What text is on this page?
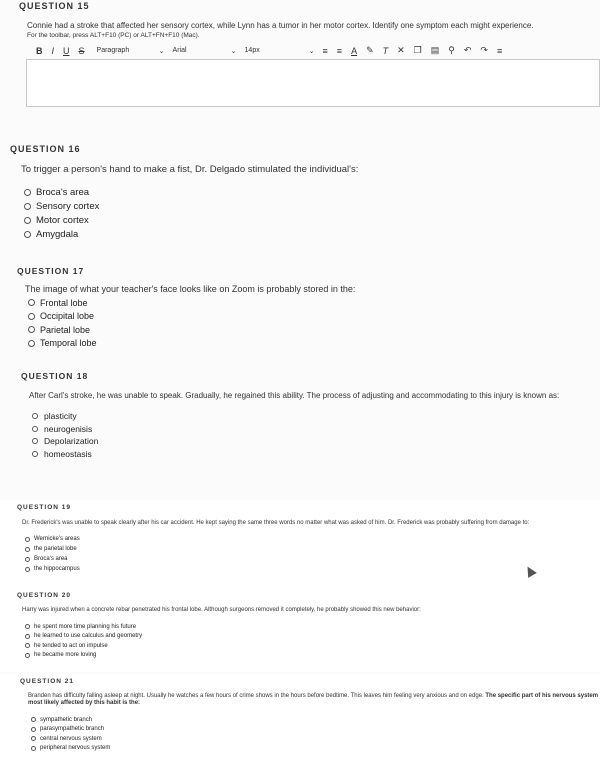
QUESTION 15
Connie had a stroke that affected her sensory cortex, while Lynn has a tumor in her motor cortex. Identify one symptom each might experience.
For the toolbar, press ALT+F10 (PC) or ALT+FN+F10 (Mac).
B I U S Paragraph	⌄ Arial	⌄ 14px	⌄ ≡ ≡ A ✎ T ✕ ❐ ▤ ⚲ ↶ ↷ ≡
QUESTION 16
To trigger a person's hand to make a fist, Dr. Delgado stimulated the individual's:
Broca's area
Sensory cortex
Motor cortex
Amygdala
QUESTION 17
The image of what your teacher's face looks like on Zoom is probably stored in the:
Frontal lobe
Occipital lobe
Parietal lobe
Temporal lobe
QUESTION 18
After Carl's stroke, he was unable to speak. Gradually, he regained this ability. The process of adjusting and accommodating to this injury is known as:
plasticity
neurogenisis
Depolarization
homeostasis
QUESTION 19
Dr. Frederick's was unable to speak clearly after his car accident. He kept saying the same three words no matter what was asked of him. Dr. Frederick was probably suffering from damage to:
Wernicke's areas
the parietal lobe
Broca's area
the hippocampus
QUESTION 20
Harry was injured when a concrete rebar penetrated his frontal lobe. Although surgeons removed it completely, he probably showed this new behavior:
he spent more time planning his future
he learned to use calculus and geometry
he tended to act on impulse
he became more loving
QUESTION 21
Branden has difficulty falling asleep at night. Usually he watches a few hours of crime shows in the hours before bedtime. This leaves him feeling very anxious and on edge. The specific part of his nervous system most likely affected by this habit is the:
sympathetic branch
parasympathetic branch
central nervous system
peripheral nervous system
